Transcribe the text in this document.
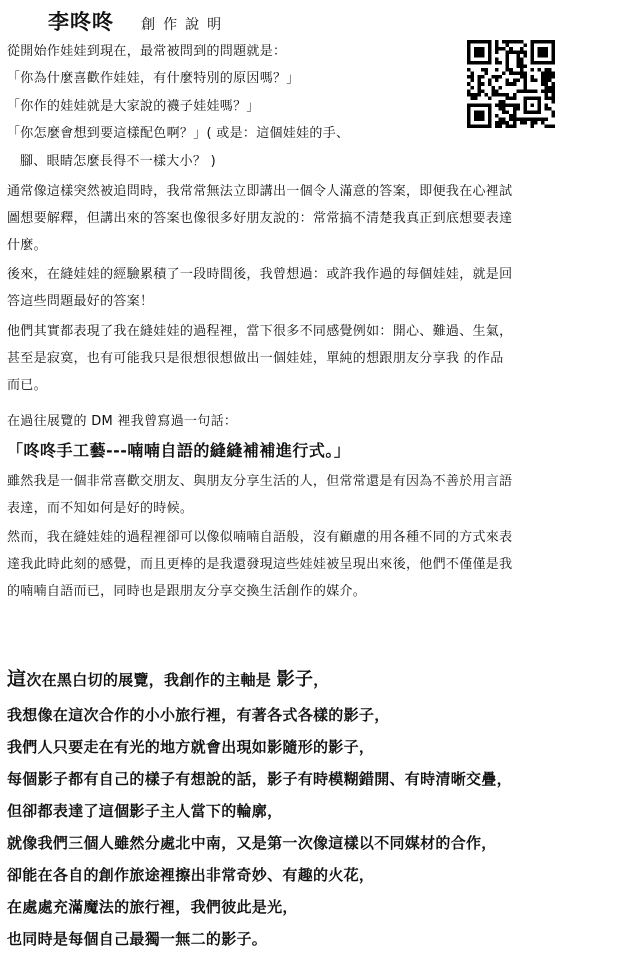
李咚咚 創作說明
從開始作娃娃到現在，最常被問到的問題就是：
「你為什麼喜歡作娃娃，有什麼特別的原因嗎？」
「你作的娃娃就是大家說的襪子娃娃嗎？」
「你怎麼會想到要這樣配色啊？」( 或是：這個娃娃的手、
腳、眼睛怎麼長得不一樣大小？ )
通常像這樣突然被追問時，我常常無法立即講出一個令人滿意的答案，即便我在心裡試
圖想要解釋，但講出來的答案也像很多好朋友說的：常常搞不清楚我真正到底想要表達
什麼。
後來，在縫娃娃的經驗累積了一段時間後，我曾想過：或許我作過的每個娃娃，就是回
答這些問題最好的答案！
他們其實都表現了我在縫娃娃的過程裡，當下很多不同感覺例如：開心、難過、生氣，
甚至是寂寞，也有可能我只是很想很想做出一個娃娃，單純的想跟朋友分享我 的作品
而已。
在過往展覽的 DM 裡我曾寫過一句話：
「咚咚手工藝---喃喃自語的縫縫補補進行式。」
雖然我是一個非常喜歡交朋友、與朋友分享生活的人，但常常還是有因為不善於用言語
表達，而不知如何是好的時候。
然而，我在縫娃娃的過程裡卻可以像似喃喃自語般，沒有顧慮的用各種不同的方式來表
達我此時此刻的感覺，而且更棒的是我還發現這些娃娃被呈現出來後，他們不僅僅是我
的喃喃自語而已，同時也是跟朋友分享交換生活創作的媒介。
這次在黑白切的展覽，我創作的主軸是 影子，
我想像在這次合作的小小旅行裡，有著各式各樣的影子，
我們人只要走在有光的地方就會出現如影隨形的影子，
每個影子都有自己的樣子有想說的話，影子有時模糊錯開、有時清晰交疊，
但卻都表達了這個影子主人當下的輪廓，
就像我們三個人雖然分處北中南，又是第一次像這樣以不同媒材的合作，
卻能在各自的創作旅途裡擦出非常奇妙、有趣的火花，
在處處充滿魔法的旅行裡，我們彼此是光，
也同時是每個自己最獨一無二的影子。
